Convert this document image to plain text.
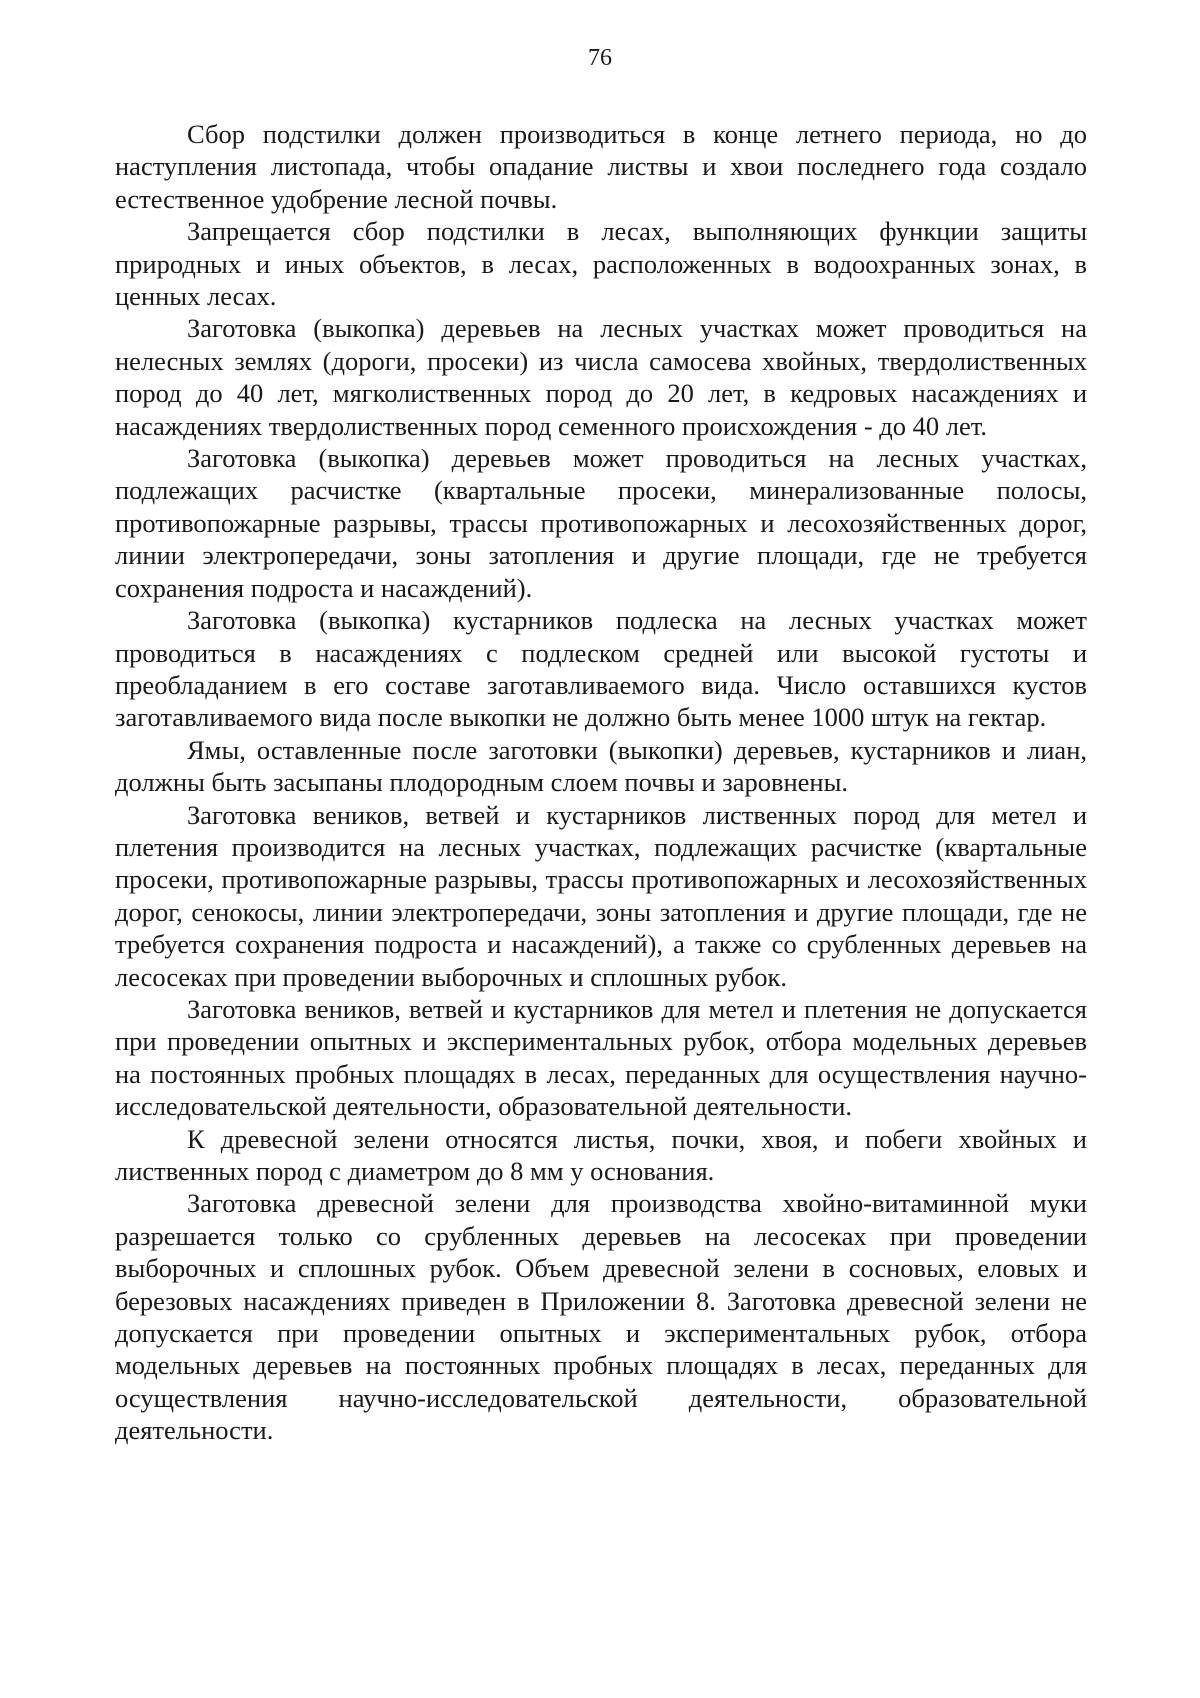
76

Сбор подстилки должен производиться в конце летнего периода, но до наступления листопада, чтобы опадание листвы и хвои последнего года создало естественное удобрение лесной почвы.

Запрещается сбор подстилки в лесах, выполняющих функции защиты природных и иных объектов, в лесах, расположенных в водоохранных зонах, в ценных лесах.

Заготовка (выкопка) деревьев на лесных участках может проводиться на нелесных землях (дороги, просеки) из числа самосева хвойных, твердолиственных пород до 40 лет, мягколиственных пород до 20 лет, в кедровых насаждениях и насаждениях твердолиственных пород семенного происхождения - до 40 лет.

Заготовка (выкопка) деревьев может проводиться на лесных участках, подлежащих расчистке (квартальные просеки, минерализованные полосы, противопожарные разрывы, трассы противопожарных и лесохозяйственных дорог, линии электропередачи, зоны затопления и другие площади, где не требуется сохранения подроста и насаждений).

Заготовка (выкопка) кустарников подлеска на лесных участках может проводиться в насаждениях с подлеском средней или высокой густоты и преобладанием в его составе заготавливаемого вида. Число оставшихся кустов заготавливаемого вида после выкопки не должно быть менее 1000 штук на гектар.

Ямы, оставленные после заготовки (выкопки) деревьев, кустарников и лиан, должны быть засыпаны плодородным слоем почвы и заровнены.

Заготовка веников, ветвей и кустарников лиственных пород для метел и плетения производится на лесных участках, подлежащих расчистке (квартальные просеки, противопожарные разрывы, трассы противопожарных и лесохозяйственных дорог, сенокосы, линии электропередачи, зоны затопления и другие площади, где не требуется сохранения подроста и насаждений), а также со срубленных деревьев на лесосеках при проведении выборочных и сплошных рубок.

Заготовка веников, ветвей и кустарников для метел и плетения не допускается при проведении опытных и экспериментальных рубок, отбора модельных деревьев на постоянных пробных площадях в лесах, переданных для осуществления научно-исследовательской деятельности, образовательной деятельности.

К древесной зелени относятся листья, почки, хвоя, и побеги хвойных и лиственных пород с диаметром до 8 мм у основания.

Заготовка древесной зелени для производства хвойно-витаминной муки разрешается только со срубленных деревьев на лесосеках при проведении выборочных и сплошных рубок. Объем древесной зелени в сосновых, еловых и березовых насаждениях приведен в Приложении 8. Заготовка древесной зелени не допускается при проведении опытных и экспериментальных рубок, отбора модельных деревьев на постоянных пробных площадях в лесах, переданных для осуществления научно-исследовательской деятельности, образовательной деятельности.
